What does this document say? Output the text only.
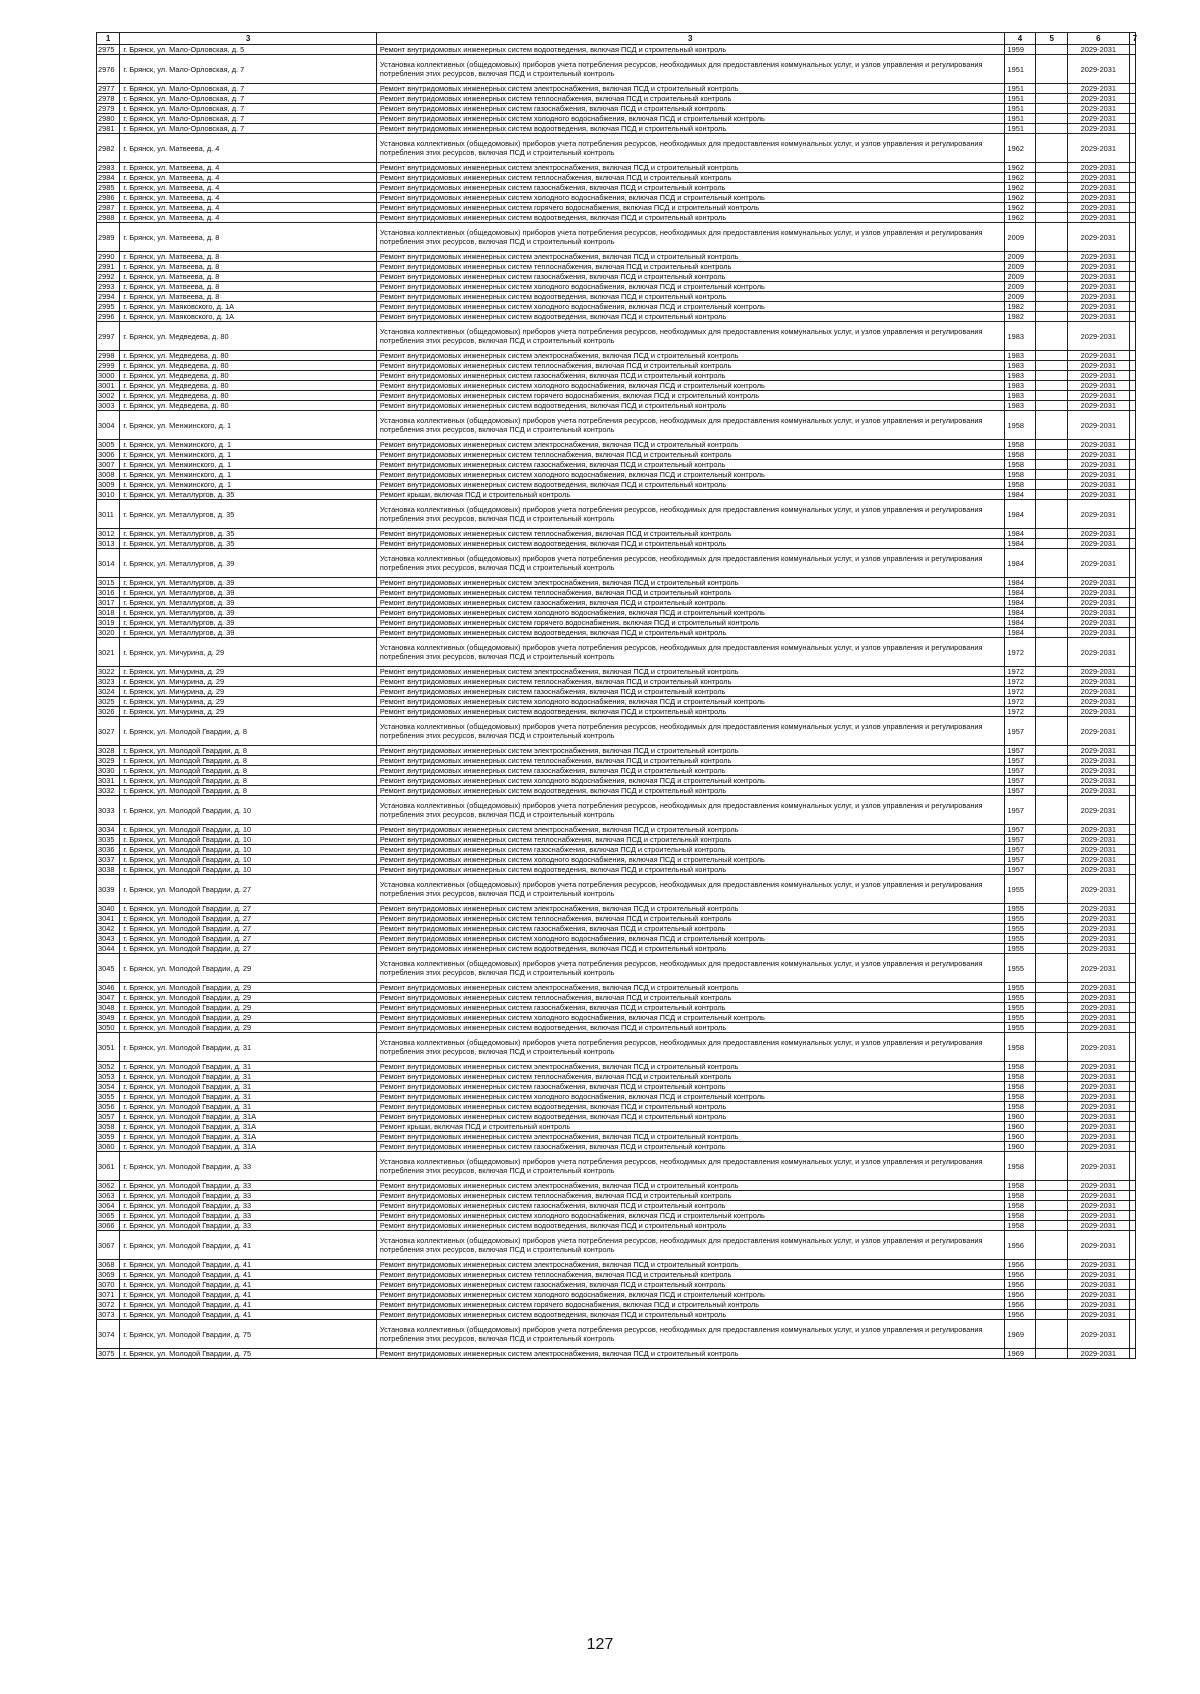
1	3	3	4	5	6	7
2975	г. Брянск, ул. Мало-Орловская, д. 5	Ремонт внутридомовых инженерных систем водоотведения, включая ПСД и строительный контроль	1959		2029-2031	
2976	г. Брянск, ул. Мало-Орловская, д. 7	Установка коллективных (общедомовых) приборов учета потребления ресурсов, необходимых для предоставления коммунальных услуг, и узлов управления и регулирования потребления этих ресурсов, включая ПСД и строительный контроль	1951		2029-2031	
2977	г. Брянск, ул. Мало-Орловская, д. 7	Ремонт внутридомовых инженерных систем электроснабжения, включая ПСД и строительный контроль	1951		2029-2031	
2978	г. Брянск, ул. Мало-Орловская, д. 7	Ремонт внутридомовых инженерных систем теплоснабжения, включая ПСД и строительный контроль	1951		2029-2031	
2979	г. Брянск, ул. Мало-Орловская, д. 7	Ремонт внутридомовых инженерных систем газоснабжения, включая ПСД и строительный контроль	1951		2029-2031	
2980	г. Брянск, ул. Мало-Орловская, д. 7	Ремонт внутридомовых инженерных систем холодного водоснабжения, включая ПСД и строительный контроль	1951		2029-2031	
2981	г. Брянск, ул. Мало-Орловская, д. 7	Ремонт внутридомовых инженерных систем водоотведения, включая ПСД и строительный контроль	1951		2029-2031	
2982	г. Брянск, ул. Матвеева, д. 4	Установка коллективных (общедомовых) приборов учета потребления ресурсов, необходимых для предоставления коммунальных услуг, и узлов управления и регулирования потребления этих ресурсов, включая ПСД и строительный контроль	1962		2029-2031	
2983	г. Брянск, ул. Матвеева, д. 4	Ремонт внутридомовых инженерных систем электроснабжения, включая ПСД и строительный контроль	1962		2029-2031	
2984	г. Брянск, ул. Матвеева, д. 4	Ремонт внутридомовых инженерных систем теплоснабжения, включая ПСД и строительный контроль	1962		2029-2031	
2985	г. Брянск, ул. Матвеева, д. 4	Ремонт внутридомовых инженерных систем газоснабжения, включая ПСД и строительный контроль	1962		2029-2031	
2986	г. Брянск, ул. Матвеева, д. 4	Ремонт внутридомовых инженерных систем холодного водоснабжения, включая ПСД и строительный контроль	1962		2029-2031	
2987	г. Брянск, ул. Матвеева, д. 4	Ремонт внутридомовых инженерных систем горячего водоснабжения, включая ПСД и строительный контроль	1962		2029-2031	
2988	г. Брянск, ул. Матвеева, д. 4	Ремонт внутридомовых инженерных систем водоотведения, включая ПСД и строительный контроль	1962		2029-2031	
2989	г. Брянск, ул. Матвеева, д. 8	Установка коллективных (общедомовых) приборов учета потребления ресурсов, необходимых для предоставления коммунальных услуг, и узлов управления и регулирования потребления этих ресурсов, включая ПСД и строительный контроль	2009		2029-2031	
2990	г. Брянск, ул. Матвеева, д. 8	Ремонт внутридомовых инженерных систем электроснабжения, включая ПСД и строительный контроль	2009		2029-2031	
2991	г. Брянск, ул. Матвеева, д. 8	Ремонт внутридомовых инженерных систем теплоснабжения, включая ПСД и строительный контроль	2009		2029-2031	
2992	г. Брянск, ул. Матвеева, д. 8	Ремонт внутридомовых инженерных систем газоснабжения, включая ПСД и строительный контроль	2009		2029-2031	
2993	г. Брянск, ул. Матвеева, д. 8	Ремонт внутридомовых инженерных систем холодного водоснабжения, включая ПСД и строительный контроль	2009		2029-2031	
2994	г. Брянск, ул. Матвеева, д. 8	Ремонт внутридомовых инженерных систем водоотведения, включая ПСД и строительный контроль	2009		2029-2031	
2995	г. Брянск, ул. Маяковского, д. 1А	Ремонт внутридомовых инженерных систем холодного водоснабжения, включая ПСД и строительный контроль	1982		2029-2031	
2996	г. Брянск, ул. Маяковского, д. 1А	Ремонт внутридомовых инженерных систем водоотведения, включая ПСД и строительный контроль	1982		2029-2031	
2997	г. Брянск, ул. Медведева, д. 80	Установка коллективных (общедомовых) приборов учета потребления ресурсов, необходимых для предоставления коммунальных услуг, и узлов управления и регулирования потребления этих ресурсов, включая ПСД и строительный контроль	1983		2029-2031	
2998	г. Брянск, ул. Медведева, д. 80	Ремонт внутридомовых инженерных систем электроснабжения, включая ПСД и строительный контроль	1983		2029-2031	
2999	г. Брянск, ул. Медведева, д. 80	Ремонт внутридомовых инженерных систем теплоснабжения, включая ПСД и строительный контроль	1983		2029-2031	
3000	г. Брянск, ул. Медведева, д. 80	Ремонт внутридомовых инженерных систем газоснабжения, включая ПСД и строительный контроль	1983		2029-2031	
3001	г. Брянск, ул. Медведева, д. 80	Ремонт внутридомовых инженерных систем холодного водоснабжения, включая ПСД и строительный контроль	1983		2029-2031	
3002	г. Брянск, ул. Медведева, д. 80	Ремонт внутридомовых инженерных систем горячего водоснабжения, включая ПСД и строительный контроль	1983		2029-2031	
3003	г. Брянск, ул. Медведева, д. 80	Ремонт внутридомовых инженерных систем водоотведения, включая ПСД и строительный контроль	1983		2029-2031	
3004	г. Брянск, ул. Менжинского, д. 1	Установка коллективных (общедомовых) приборов учета потребления ресурсов, необходимых для предоставления коммунальных услуг, и узлов управления и регулирования потребления этих ресурсов, включая ПСД и строительный контроль	1958		2029-2031	
3005	г. Брянск, ул. Менжинского, д. 1	Ремонт внутридомовых инженерных систем электроснабжения, включая ПСД и строительный контроль	1958		2029-2031	
3006	г. Брянск, ул. Менжинского, д. 1	Ремонт внутридомовых инженерных систем теплоснабжения, включая ПСД и строительный контроль	1958		2029-2031	
3007	г. Брянск, ул. Менжинского, д. 1	Ремонт внутридомовых инженерных систем газоснабжения, включая ПСД и строительный контроль	1958		2029-2031	
3008	г. Брянск, ул. Менжинского, д. 1	Ремонт внутридомовых инженерных систем холодного водоснабжения, включая ПСД и строительный контроль	1958		2029-2031	
3009	г. Брянск, ул. Менжинского, д. 1	Ремонт внутридомовых инженерных систем водоотведения, включая ПСД и строительный контроль	1958		2029-2031	
3010	г. Брянск, ул. Металлургов, д. 35	Ремонт крыши, включая ПСД и строительный контроль	1984		2029-2031	
3011	г. Брянск, ул. Металлургов, д. 35	Установка коллективных (общедомовых) приборов учета потребления ресурсов, необходимых для предоставления коммунальных услуг, и узлов управления и регулирования потребления этих ресурсов, включая ПСД и строительный контроль	1984		2029-2031	
3012	г. Брянск, ул. Металлургов, д. 35	Ремонт внутридомовых инженерных систем теплоснабжения, включая ПСД и строительный контроль	1984		2029-2031	
3013	г. Брянск, ул. Металлургов, д. 35	Ремонт внутридомовых инженерных систем водоотведения, включая ПСД и строительный контроль	1984		2029-2031	
3014	г. Брянск, ул. Металлургов, д. 39	Установка коллективных (общедомовых) приборов учета потребления ресурсов, необходимых для предоставления коммунальных услуг, и узлов управления и регулирования потребления этих ресурсов, включая ПСД и строительный контроль	1984		2029-2031	
3015	г. Брянск, ул. Металлургов, д. 39	Ремонт внутридомовых инженерных систем электроснабжения, включая ПСД и строительный контроль	1984		2029-2031	
3016	г. Брянск, ул. Металлургов, д. 39	Ремонт внутридомовых инженерных систем теплоснабжения, включая ПСД и строительный контроль	1984		2029-2031	
3017	г. Брянск, ул. Металлургов, д. 39	Ремонт внутридомовых инженерных систем газоснабжения, включая ПСД и строительный контроль	1984		2029-2031	
3018	г. Брянск, ул. Металлургов, д. 39	Ремонт внутридомовых инженерных систем холодного водоснабжения, включая ПСД и строительный контроль	1984		2029-2031	
3019	г. Брянск, ул. Металлургов, д. 39	Ремонт внутридомовых инженерных систем горячего водоснабжения, включая ПСД и строительный контроль	1984		2029-2031	
3020	г. Брянск, ул. Металлургов, д. 39	Ремонт внутридомовых инженерных систем водоотведения, включая ПСД и строительный контроль	1984		2029-2031	
3021	г. Брянск, ул. Мичурина, д. 29	Установка коллективных (общедомовых) приборов учета потребления ресурсов, необходимых для предоставления коммунальных услуг, и узлов управления и регулирования потребления этих ресурсов, включая ПСД и строительный контроль	1972		2029-2031	
3022	г. Брянск, ул. Мичурина, д. 29	Ремонт внутридомовых инженерных систем электроснабжения, включая ПСД и строительный контроль	1972		2029-2031	
3023	г. Брянск, ул. Мичурина, д. 29	Ремонт внутридомовых инженерных систем теплоснабжения, включая ПСД и строительный контроль	1972		2029-2031	
3024	г. Брянск, ул. Мичурина, д. 29	Ремонт внутридомовых инженерных систем газоснабжения, включая ПСД и строительный контроль	1972		2029-2031	
3025	г. Брянск, ул. Мичурина, д. 29	Ремонт внутридомовых инженерных систем холодного водоснабжения, включая ПСД и строительный контроль	1972		2029-2031	
3026	г. Брянск, ул. Мичурина, д. 29	Ремонт внутридомовых инженерных систем водоотведения, включая ПСД и строительный контроль	1972		2029-2031	
3027	г. Брянск, ул. Молодой Гвардии, д. 8	Установка коллективных (общедомовых) приборов учета потребления ресурсов, необходимых для предоставления коммунальных услуг, и узлов управления и регулирования потребления этих ресурсов, включая ПСД и строительный контроль	1957		2029-2031	
3028	г. Брянск, ул. Молодой Гвардии, д. 8	Ремонт внутридомовых инженерных систем электроснабжения, включая ПСД и строительный контроль	1957		2029-2031	
3029	г. Брянск, ул. Молодой Гвардии, д. 8	Ремонт внутридомовых инженерных систем теплоснабжения, включая ПСД и строительный контроль	1957		2029-2031	
3030	г. Брянск, ул. Молодой Гвардии, д. 8	Ремонт внутридомовых инженерных систем газоснабжения, включая ПСД и строительный контроль	1957		2029-2031	
3031	г. Брянск, ул. Молодой Гвардии, д. 8	Ремонт внутридомовых инженерных систем холодного водоснабжения, включая ПСД и строительный контроль	1957		2029-2031	
3032	г. Брянск, ул. Молодой Гвардии, д. 8	Ремонт внутридомовых инженерных систем водоотведения, включая ПСД и строительный контроль	1957		2029-2031	
3033	г. Брянск, ул. Молодой Гвардии, д. 10	Установка коллективных (общедомовых) приборов учета потребления ресурсов, необходимых для предоставления коммунальных услуг, и узлов управления и регулирования потребления этих ресурсов, включая ПСД и строительный контроль	1957		2029-2031	
3034	г. Брянск, ул. Молодой Гвардии, д. 10	Ремонт внутридомовых инженерных систем электроснабжения, включая ПСД и строительный контроль	1957		2029-2031	
3035	г. Брянск, ул. Молодой Гвардии, д. 10	Ремонт внутридомовых инженерных систем теплоснабжения, включая ПСД и строительный контроль	1957		2029-2031	
3036	г. Брянск, ул. Молодой Гвардии, д. 10	Ремонт внутридомовых инженерных систем газоснабжения, включая ПСД и строительный контроль	1957		2029-2031	
3037	г. Брянск, ул. Молодой Гвардии, д. 10	Ремонт внутридомовых инженерных систем холодного водоснабжения, включая ПСД и строительный контроль	1957		2029-2031	
3038	г. Брянск, ул. Молодой Гвардии, д. 10	Ремонт внутридомовых инженерных систем водоотведения, включая ПСД и строительный контроль	1957		2029-2031	
3039	г. Брянск, ул. Молодой Гвардии, д. 27	Установка коллективных (общедомовых) приборов учета потребления ресурсов, необходимых для предоставления коммунальных услуг, и узлов управления и регулирования потребления этих ресурсов, включая ПСД и строительный контроль	1955		2029-2031	
3040	г. Брянск, ул. Молодой Гвардии, д. 27	Ремонт внутридомовых инженерных систем электроснабжения, включая ПСД и строительный контроль	1955		2029-2031	
3041	г. Брянск, ул. Молодой Гвардии, д. 27	Ремонт внутридомовых инженерных систем теплоснабжения, включая ПСД и строительный контроль	1955		2029-2031	
3042	г. Брянск, ул. Молодой Гвардии, д. 27	Ремонт внутридомовых инженерных систем газоснабжения, включая ПСД и строительный контроль	1955		2029-2031	
3043	г. Брянск, ул. Молодой Гвардии, д. 27	Ремонт внутридомовых инженерных систем холодного водоснабжения, включая ПСД и строительный контроль	1955		2029-2031	
3044	г. Брянск, ул. Молодой Гвардии, д. 27	Ремонт внутридомовых инженерных систем водоотведения, включая ПСД и строительный контроль	1955		2029-2031	
3045	г. Брянск, ул. Молодой Гвардии, д. 29	Установка коллективных (общедомовых) приборов учета потребления ресурсов, необходимых для предоставления коммунальных услуг, и узлов управления и регулирования потребления этих ресурсов, включая ПСД и строительный контроль	1955		2029-2031	
3046	г. Брянск, ул. Молодой Гвардии, д. 29	Ремонт внутридомовых инженерных систем электроснабжения, включая ПСД и строительный контроль	1955		2029-2031	
3047	г. Брянск, ул. Молодой Гвардии, д. 29	Ремонт внутридомовых инженерных систем теплоснабжения, включая ПСД и строительный контроль	1955		2029-2031	
3048	г. Брянск, ул. Молодой Гвардии, д. 29	Ремонт внутридомовых инженерных систем газоснабжения, включая ПСД и строительный контроль	1955		2029-2031	
3049	г. Брянск, ул. Молодой Гвардии, д. 29	Ремонт внутридомовых инженерных систем холодного водоснабжения, включая ПСД и строительный контроль	1955		2029-2031	
3050	г. Брянск, ул. Молодой Гвардии, д. 29	Ремонт внутридомовых инженерных систем водоотведения, включая ПСД и строительный контроль	1955		2029-2031	
3051	г. Брянск, ул. Молодой Гвардии, д. 31	Установка коллективных (общедомовых) приборов учета потребления ресурсов, необходимых для предоставления коммунальных услуг, и узлов управления и регулирования потребления этих ресурсов, включая ПСД и строительный контроль	1958		2029-2031	
3052	г. Брянск, ул. Молодой Гвардии, д. 31	Ремонт внутридомовых инженерных систем электроснабжения, включая ПСД и строительный контроль	1958		2029-2031	
3053	г. Брянск, ул. Молодой Гвардии, д. 31	Ремонт внутридомовых инженерных систем теплоснабжения, включая ПСД и строительный контроль	1958		2029-2031	
3054	г. Брянск, ул. Молодой Гвардии, д. 31	Ремонт внутридомовых инженерных систем газоснабжения, включая ПСД и строительный контроль	1958		2029-2031	
3055	г. Брянск, ул. Молодой Гвардии, д. 31	Ремонт внутридомовых инженерных систем холодного водоснабжения, включая ПСД и строительный контроль	1958		2029-2031	
3056	г. Брянск, ул. Молодой Гвардии, д. 31	Ремонт внутридомовых инженерных систем водоотведения, включая ПСД и строительный контроль	1958		2029-2031	
3057	г. Брянск, ул. Молодой Гвардии, д. 31А	Ремонт внутридомовых инженерных систем водоотведения, включая ПСД и строительный контроль	1960		2029-2031	
3058	г. Брянск, ул. Молодой Гвардии, д. 31А	Ремонт крыши, включая ПСД и строительный контроль	1960		2029-2031	
3059	г. Брянск, ул. Молодой Гвардии, д. 31А	Ремонт внутридомовых инженерных систем электроснабжения, включая ПСД и строительный контроль	1960		2029-2031	
3060	г. Брянск, ул. Молодой Гвардии, д. 31А	Ремонт внутридомовых инженерных систем газоснабжения, включая ПСД и строительный контроль	1960		2029-2031	
3061	г. Брянск, ул. Молодой Гвардии, д. 33	Установка коллективных (общедомовых) приборов учета потребления ресурсов, необходимых для предоставления коммунальных услуг, и узлов управления и регулирования потребления этих ресурсов, включая ПСД и строительный контроль	1958		2029-2031	
3062	г. Брянск, ул. Молодой Гвардии, д. 33	Ремонт внутридомовых инженерных систем электроснабжения, включая ПСД и строительный контроль	1958		2029-2031	
3063	г. Брянск, ул. Молодой Гвардии, д. 33	Ремонт внутридомовых инженерных систем теплоснабжения, включая ПСД и строительный контроль	1958		2029-2031	
3064	г. Брянск, ул. Молодой Гвардии, д. 33	Ремонт внутридомовых инженерных систем газоснабжения, включая ПСД и строительный контроль	1958		2029-2031	
3065	г. Брянск, ул. Молодой Гвардии, д. 33	Ремонт внутридомовых инженерных систем холодного водоснабжения, включая ПСД и строительный контроль	1958		2029-2031	
3066	г. Брянск, ул. Молодой Гвардии, д. 33	Ремонт внутридомовых инженерных систем водоотведения, включая ПСД и строительный контроль	1958		2029-2031	
3067	г. Брянск, ул. Молодой Гвардии, д. 41	Установка коллективных (общедомовых) приборов учета потребления ресурсов, необходимых для предоставления коммунальных услуг, и узлов управления и регулирования потребления этих ресурсов, включая ПСД и строительный контроль	1956		2029-2031	
3068	г. Брянск, ул. Молодой Гвардии, д. 41	Ремонт внутридомовых инженерных систем электроснабжения, включая ПСД и строительный контроль	1956		2029-2031	
3069	г. Брянск, ул. Молодой Гвардии, д. 41	Ремонт внутридомовых инженерных систем теплоснабжения, включая ПСД и строительный контроль	1956		2029-2031	
3070	г. Брянск, ул. Молодой Гвардии, д. 41	Ремонт внутридомовых инженерных систем газоснабжения, включая ПСД и строительный контроль	1956		2029-2031	
3071	г. Брянск, ул. Молодой Гвардии, д. 41	Ремонт внутридомовых инженерных систем холодного водоснабжения, включая ПСД и строительный контроль	1956		2029-2031	
3072	г. Брянск, ул. Молодой Гвардии, д. 41	Ремонт внутридомовых инженерных систем горячего водоснабжения, включая ПСД и строительный контроль	1956		2029-2031	
3073	г. Брянск, ул. Молодой Гвардии, д. 41	Ремонт внутридомовых инженерных систем водоотведения, включая ПСД и строительный контроль	1956		2029-2031	
3074	г. Брянск, ул. Молодой Гвардии, д. 75	Установка коллективных (общедомовых) приборов учета потребления ресурсов, необходимых для предоставления коммунальных услуг, и узлов управления и регулирования потребления этих ресурсов, включая ПСД и строительный контроль	1969		2029-2031	
3075	г. Брянск, ул. Молодой Гвардии, д. 75	Ремонт внутридомовых инженерных систем электроснабжения, включая ПСД и строительный контроль	1969		2029-2031	
127
